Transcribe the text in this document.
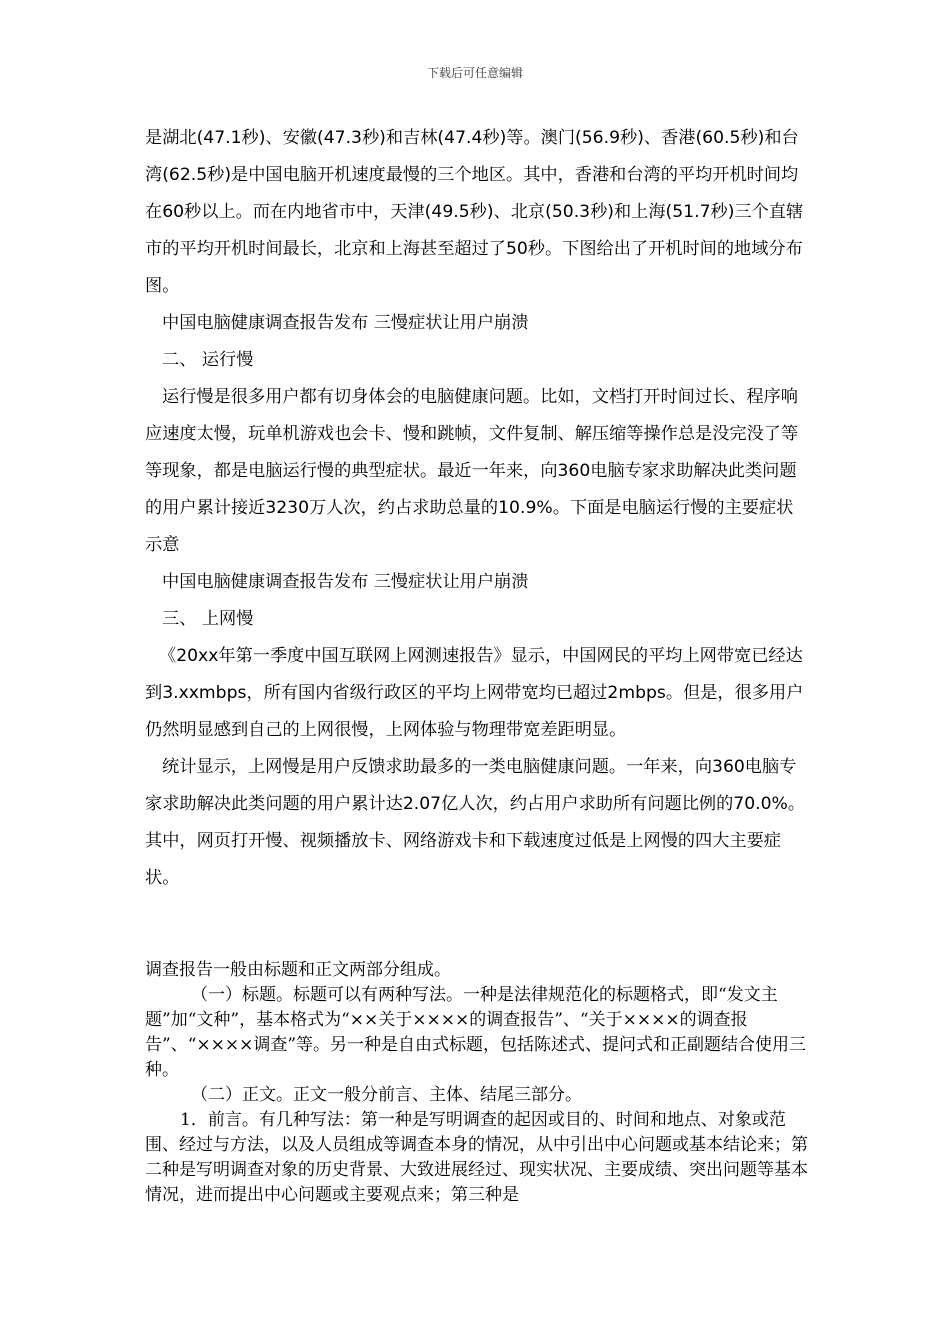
下载后可任意编辑

是湖北(47.1秒)、安徽(47.3秒)和吉林(47.4秒)等。澳门(56.9秒)、香港(60.5秒)和台湾(62.5秒)是中国电脑开机速度最慢的三个地区。其中，香港和台湾的平均开机时间均在60秒以上。而在内地省市中，天津(49.5秒)、北京(50.3秒)和上海(51.7秒)三个直辖市的平均开机时间最长，北京和上海甚至超过了50秒。下图给出了开机时间的地域分布图。

中国电脑健康调查报告发布 三慢症状让用户崩溃

二、 运行慢

运行慢是很多用户都有切身体会的电脑健康问题。比如，文档打开时间过长、程序响应速度太慢，玩单机游戏也会卡、慢和跳帧，文件复制、解压缩等操作总是没完没了等等现象，都是电脑运行慢的典型症状。最近一年来，向360电脑专家求助解决此类问题的用户累计接近3230万人次，约占求助总量的10.9%。下面是电脑运行慢的主要症状示意

中国电脑健康调查报告发布 三慢症状让用户崩溃

三、 上网慢

《20xx年第一季度中国互联网上网测速报告》显示，中国网民的平均上网带宽已经达到3.xxmbps，所有国内省级行政区的平均上网带宽均已超过2mbps。但是，很多用户仍然明显感到自己的上网很慢，上网体验与物理带宽差距明显。

统计显示，上网慢是用户反馈求助最多的一类电脑健康问题。一年来，向360电脑专家求助解决此类问题的用户累计达2.07亿人次，约占用户求助所有问题比例的70.0%。其中，网页打开慢、视频播放卡、网络游戏卡和下载速度过低是上网慢的四大主要症状。

调查报告一般由标题和正文两部分组成。

（一）标题。标题可以有两种写法。一种是法律规范化的标题格式，即“发文主题”加“文种”，基本格式为“××关于××××的调查报告”、“关于××××的调查报告”、“××××调查”等。另一种是自由式标题，包括陈述式、提问式和正副题结合使用三种。

（二）正文。正文一般分前言、主体、结尾三部分。

1．前言。有几种写法：第一种是写明调查的起因或目的、时间和地点、对象或范围、经过与方法，以及人员组成等调查本身的情况，从中引出中心问题或基本结论来；第二种是写明调查对象的历史背景、大致进展经过、现实状况、主要成绩、突出问题等基本情况，进而提出中心问题或主要观点来；第三种是
